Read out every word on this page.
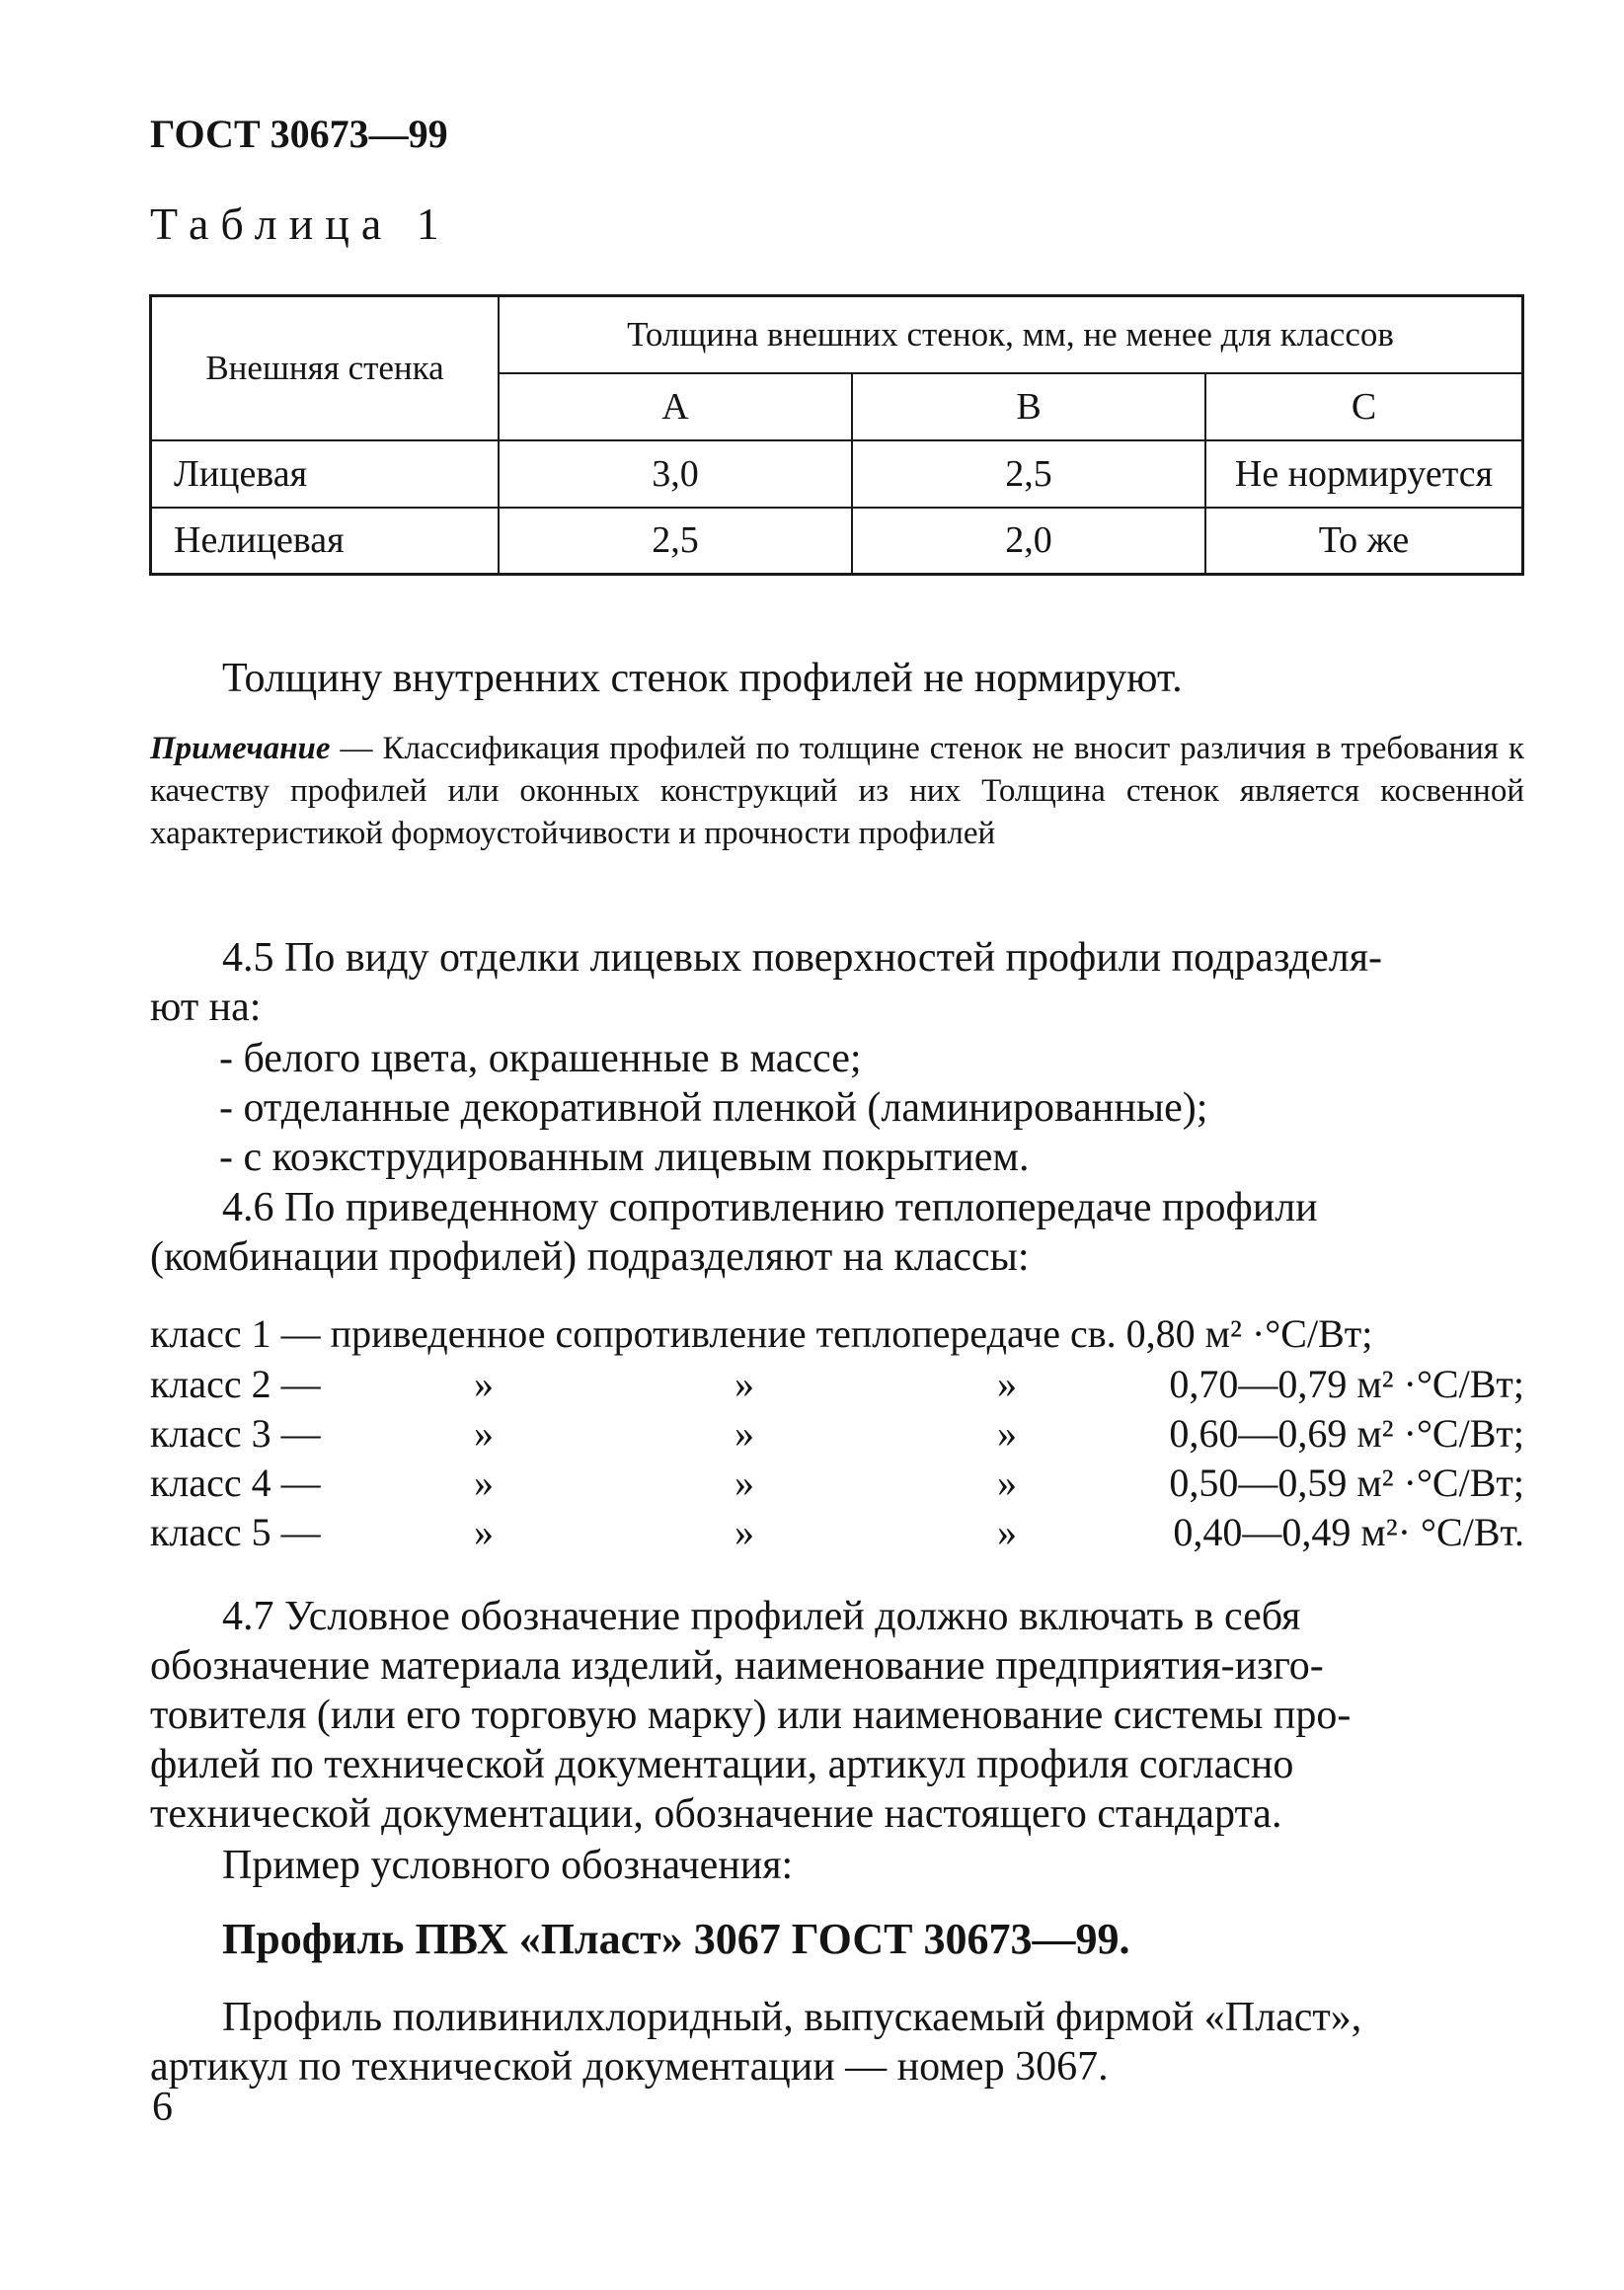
ГОСТ 30673—99
Таблица 1
Внешняя стенка	Толщина внешних стенок, мм, не менее для классов		
	А	В	С
Лицевая	3,0	2,5	Не нормируется
Нелицевая	2,5	2,0	То же
Толщину внутренних стенок профилей не нормируют.
Примечание — Классификация профилей по толщине стенок не вносит различия в требования к качеству профилей или оконных конструкций из них Толщина стенок является косвенной характеристикой формоустойчивости и прочности профилей
4.5 По виду отделки лицевых поверхностей профили подразделя-
ют на:
- белого цвета, окрашенные в массе;
- отделанные декоративной пленкой (ламинированные);
- с коэкструдированным лицевым покрытием.
4.6 По приведенному сопротивлению теплопередаче профили
(комбинации профилей) подразделяют на классы:
класс 1 — приведенное сопротивление теплопередаче св. 0,80 м² ·°С/Вт;
класс 2 —	»	»	»	0,70—0,79 м² ·°С/Вт;
класс 3 —	»	»	»	0,60—0,69 м² ·°С/Вт;
класс 4 —	»	»	»	0,50—0,59 м² ·°С/Вт;
класс 5 —	»	»	»	0,40—0,49 м²· °С/Вт.
4.7 Условное обозначение профилей должно включать в себя
обозначение материала изделий, наименование предприятия-изго-
товителя (или его торговую марку) или наименование системы про-
филей по технической документации, артикул профиля согласно
технической документации, обозначение настоящего стандарта.
Пример условного обозначения:
Профиль ПВХ «Пласт» 3067 ГОСТ 30673—99.
Профиль поливинилхлоридный, выпускаемый фирмой «Пласт»,
артикул по технической документации — номер 3067.
6
